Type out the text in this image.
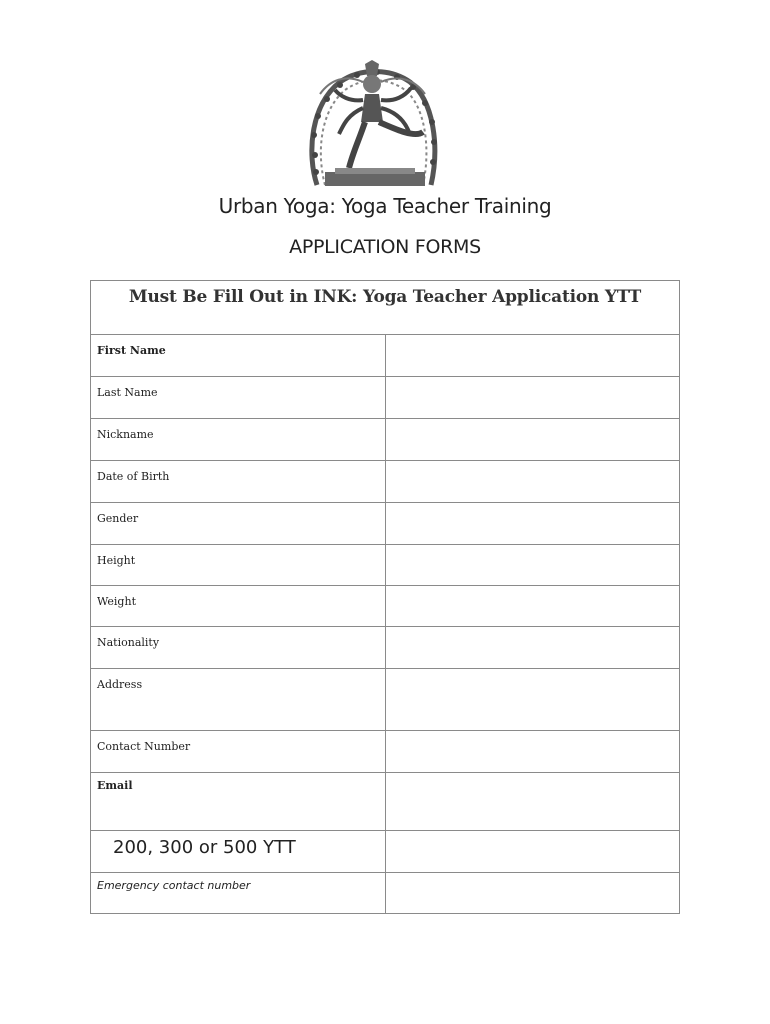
Urban Yoga: Yoga Teacher Training
APPLICATION FORMS
Must Be Fill Out in INK: Yoga Teacher Application YTT	
First Name	
Last Name	
Nickname	
Date of Birth	
Gender	
Height	
Weight	
Nationality	
Address	
Contact Number	
Email	
200, 300 or 500 YTT	
Emergency contact number	
